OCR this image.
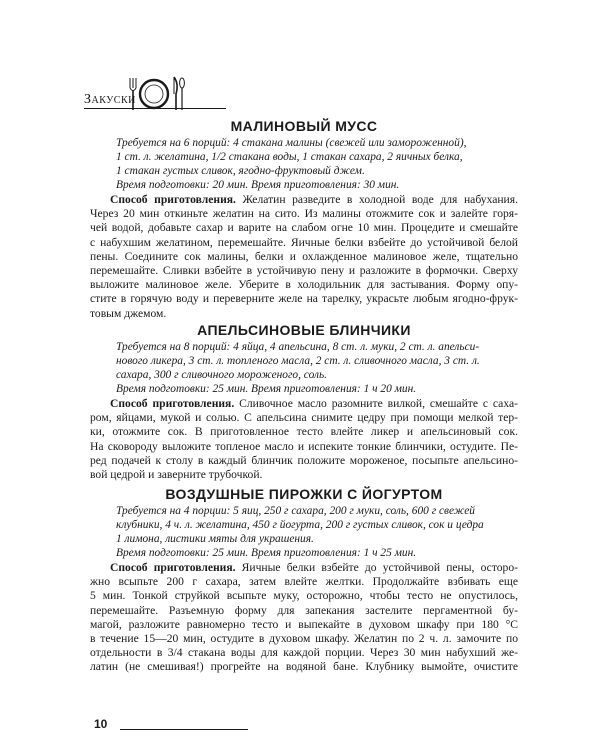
Закуски
МАЛИНОВЫЙ МУСС
Требуется на 6 порций: 4 стакана малины (свежей или замороженной),
1 ст. л. желатина, 1/2 стакана воды, 1 стакан сахара, 2 яичных белка,
1 стакан густых сливок, ягодно-фруктовый джем.
Время подготовки: 20 мин. Время приготовления: 30 мин.
Способ приготовления. Желатин разведите в холодной воде для набухания.
Через 20 мин откиньте желатин на сито. Из малины отожмите сок и залейте горя-
чей водой, добавьте сахар и варите на слабом огне 10 мин. Процедите и смешайте
с набухшим желатином, перемешайте. Яичные белки взбейте до устойчивой белой
пены. Соедините сок малины, белки и охлажденное малиновое желе, тщательно
перемешайте. Сливки взбейте в устойчивую пену и разложите в формочки. Сверху
выложите малиновое желе. Уберите в холодильник для застывания. Форму опу-
стите в горячую воду и переверните желе на тарелку, украсьте любым ягодно-фрук-
товым джемом.
АПЕЛЬСИНОВЫЕ БЛИНЧИКИ
Требуется на 8 порций: 4 яйца, 4 апельсина, 8 ст. л. муки, 2 ст. л. апельси-
нового ликера, 3 ст. л. топленого масла, 2 ст. л. сливочного масла, 3 ст. л.
сахара, 300 г сливочного мороженого, соль.
Время подготовки: 25 мин. Время приготовления: 1 ч 20 мин.
Способ приготовления. Сливочное масло разомните вилкой, смешайте с саха-
ром, яйцами, мукой и солью. С апельсина снимите цедру при помощи мелкой тер-
ки, отожмите сок. В приготовленное тесто влейте ликер и апельсиновый сок.
На сковороду выложите топленое масло и испеките тонкие блинчики, остудите. Пе-
ред подачей к столу в каждый блинчик положите мороженое, посыпьте апельсино-
вой цедрой и заверните трубочкой.
ВОЗДУШНЫЕ ПИРОЖКИ С ЙОГУРТОМ
Требуется на 4 порции: 5 яиц, 250 г сахара, 200 г муки, соль, 600 г свежей
клубники, 4 ч. л. желатина, 450 г йогурта, 200 г густых сливок, сок и цедра
1 лимона, листики мяты для украшения.
Время подготовки: 25 мин. Время приготовления: 1 ч 25 мин.
Способ приготовления. Яичные белки взбейте до устойчивой пены, осторо-
жно всыпьте 200 г сахара, затем влейте желтки. Продолжайте взбивать еще
5 мин. Тонкой струйкой всыпьте муку, осторожно, чтобы тесто не опустилось,
перемешайте. Разъемную форму для запекания застелите пергаментной бу-
магой, разложите равномерно тесто и выпекайте в духовом шкафу при 180 °С
в течение 15—20 мин, остудите в духовом шкафу. Желатин по 2 ч. л. замочите по
отдельности в 3/4 стакана воды для каждой порции. Через 30 мин набухший же-
латин (не смешивая!) прогрейте на водяной бане. Клубнику вымойте, очистите
10
